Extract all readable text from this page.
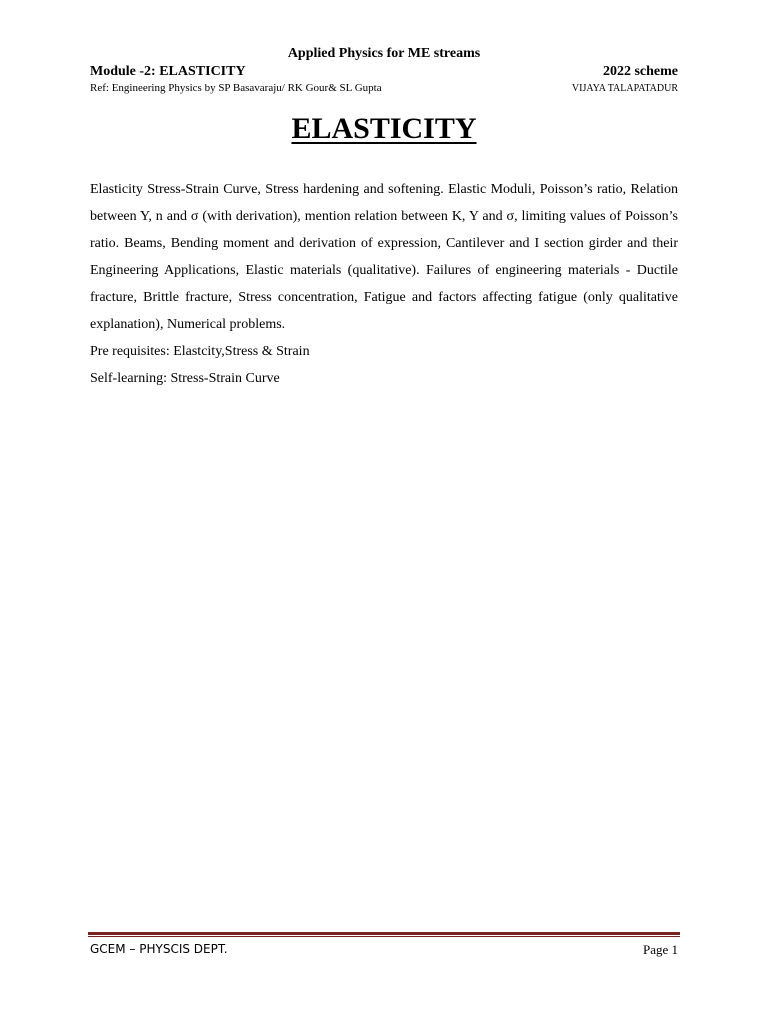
Applied Physics for ME streams
Module -2: ELASTICITY	2022 scheme
Ref: Engineering Physics by SP Basavaraju/ RK Gour& SL Gupta	VIJAYA TALAPATADUR
ELASTICITY

Elasticity Stress-Strain Curve, Stress hardening and softening. Elastic Moduli, Poisson’s ratio, Relation between Y, n and σ (with derivation), mention relation between K, Y and σ, limiting values of Poisson’s ratio. Beams, Bending moment and derivation of expression, Cantilever and I section girder and their Engineering Applications, Elastic materials (qualitative). Failures of engineering materials - Ductile fracture, Brittle fracture, Stress concentration, Fatigue and factors affecting fatigue (only qualitative explanation), Numerical problems.

Pre requisites: Elastcity,Stress & Strain

Self-learning: Stress-Strain Curve

GCEM – PHYSCIS DEPT.	Page 1
